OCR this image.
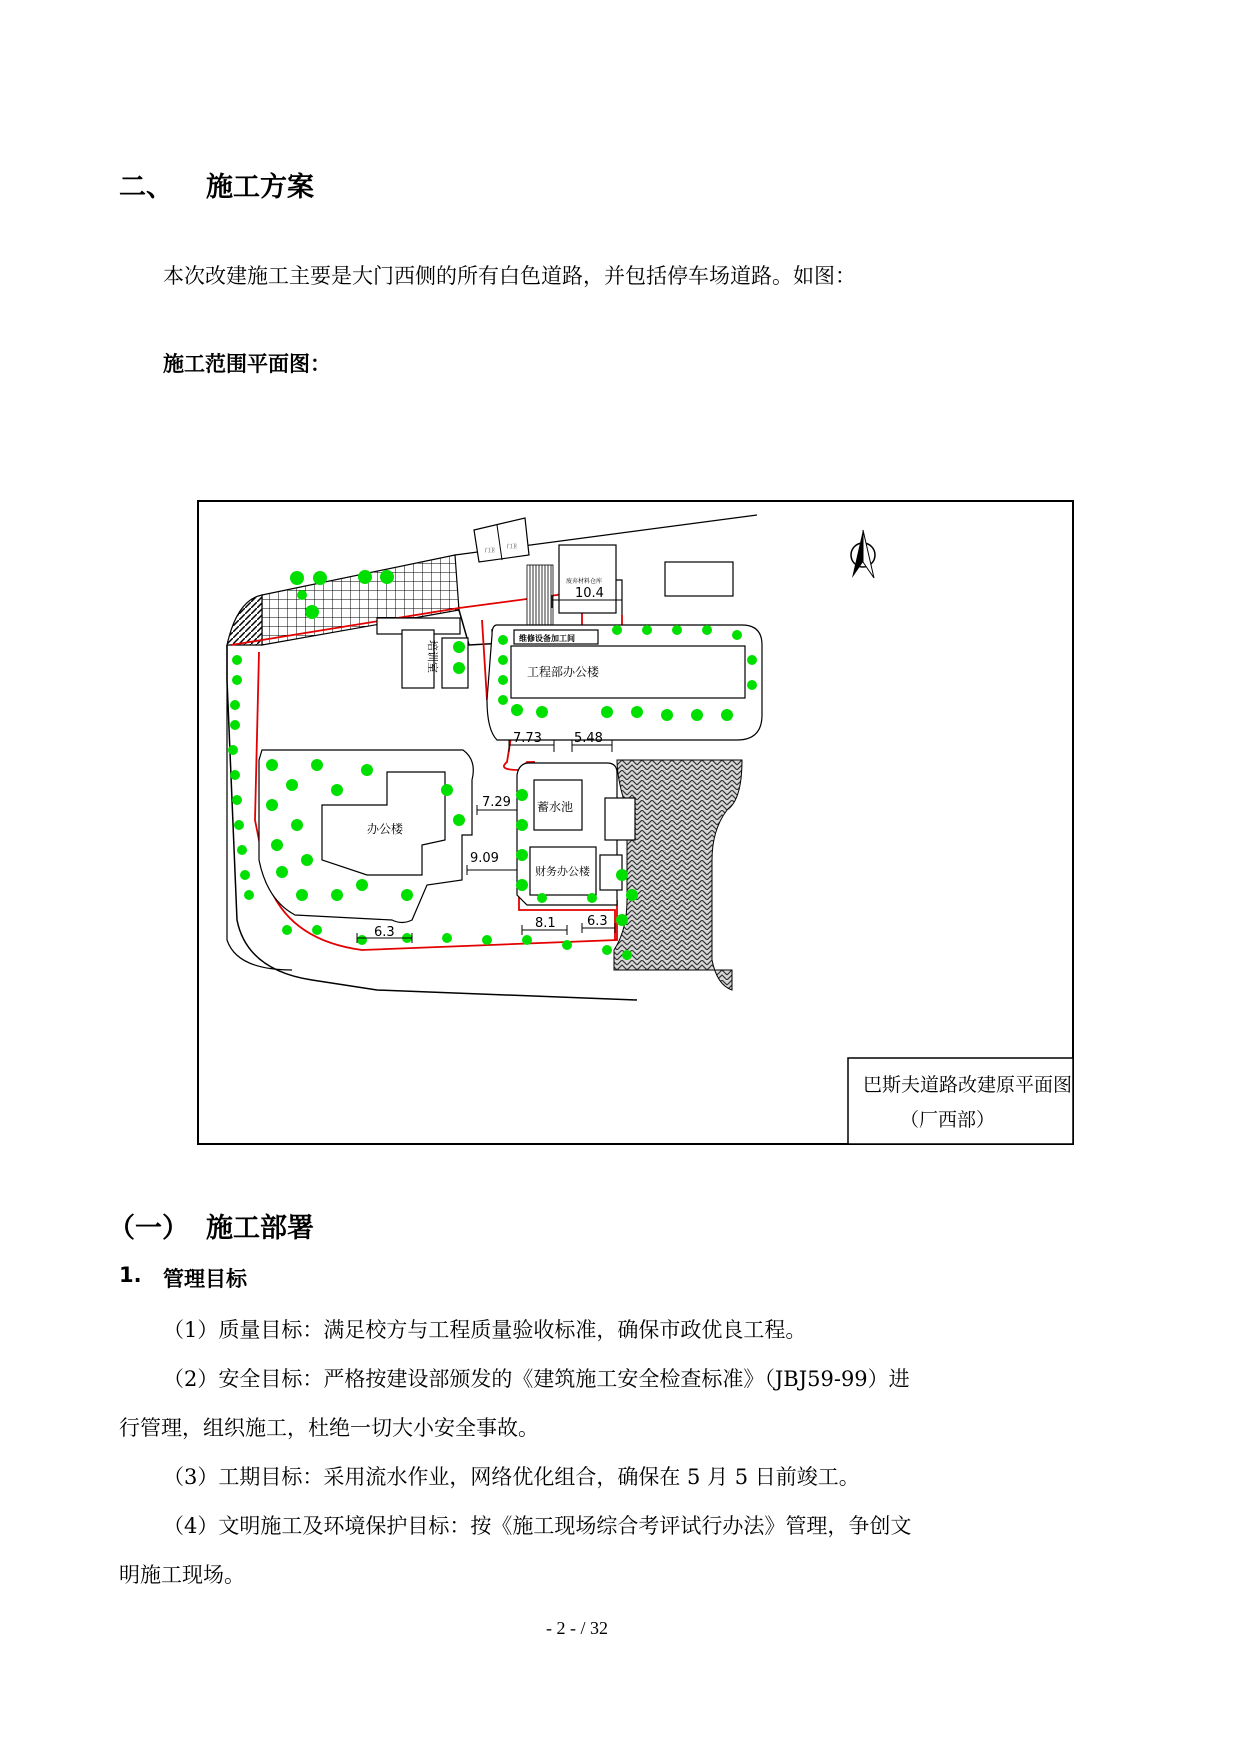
二、 施工方案
本次改建施工主要是大门西侧的所有白色道路，并包括停车场道路。如图：
施工范围平面图：
门卫
门卫
废弃材料仓库
维修设备加工间
工程部办公楼
培训室
办公楼
蓄水池
财务办公楼
10.4
7.73 5.48
7.29
9.09
8.1 6.3
6.3
巴斯夫道路改建原平面图
（厂西部）
（一） 施工部署
1. 管理目标
（1）质量目标：满足校方与工程质量验收标准，确保市政优良工程。
（2）安全目标：严格按建设部颁发的《建筑施工安全检查标准》（JBJ59-99）进
行管理，组织施工，杜绝一切大小安全事故。
（3）工期目标：采用流水作业，网络优化组合，确保在 5 月 5 日前竣工。
（4）文明施工及环境保护目标：按《施工现场综合考评试行办法》管理，争创文
明施工现场。
- 2 - / 32
